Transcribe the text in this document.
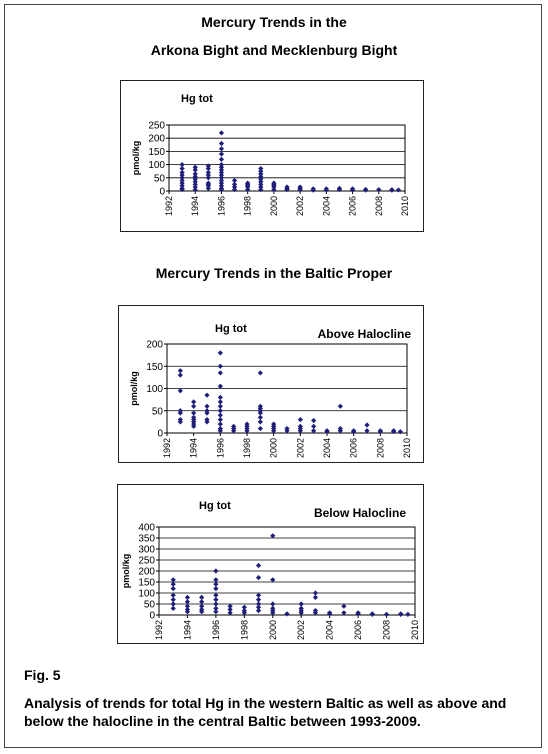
Mercury Trends in the
Arkona Bight and Mecklenburg Bight
0
50
100
150
200
250
1992 1994 1996 1998 2000 2002 2004 2006 2008 2010
pmol/kg
Hg tot
Mercury Trends in the Baltic Proper
0
50
100
150
200
1992 1994 1996 1998 2000 2002 2004 2006 2008 2010
pmol/kg
Hg tot	Above Halocline
0
50
100
150
200
250
300
350
400
1992 1994 1996 1998 2000 2002 2004 2006 2008 2010
pmol/kg
Hg tot	Below Halocline
Fig. 5
Analysis of trends for total Hg in the western Baltic as well as above and below the halocline in the central Baltic between 1993-2009.
